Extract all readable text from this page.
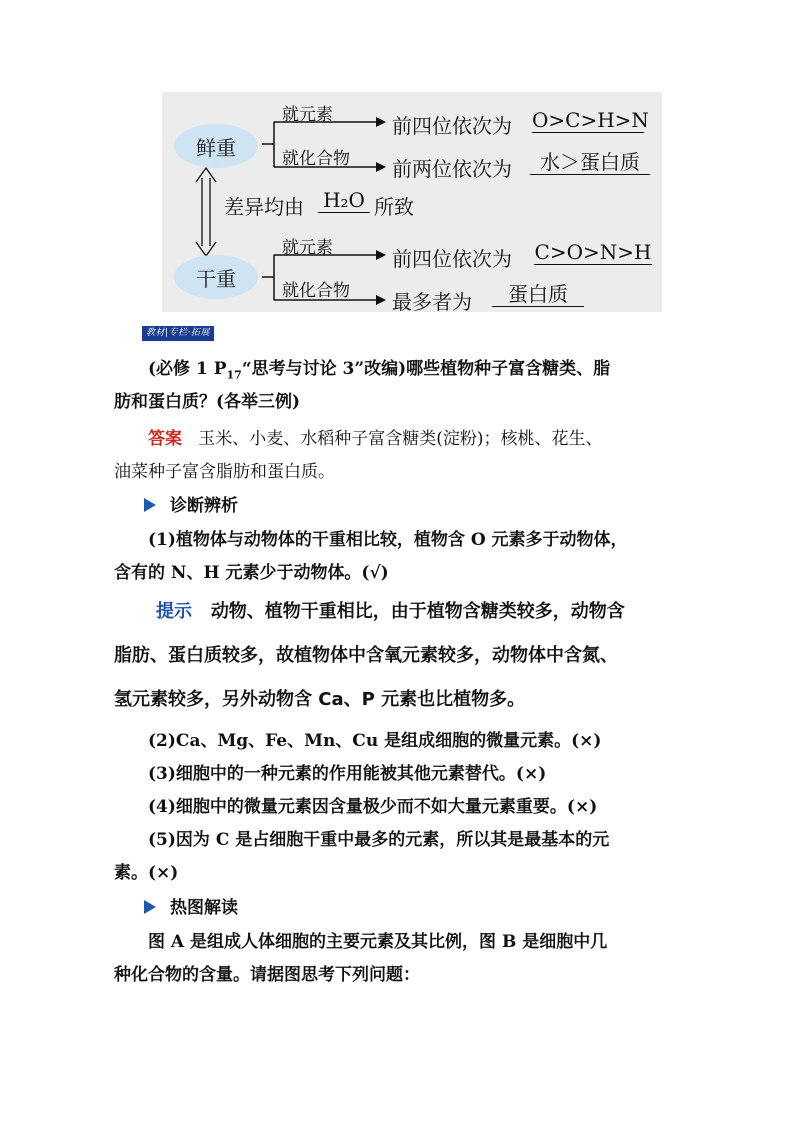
鲜重
干重
就元素
就化合物
前四位依次为 O>C>H>N
前两位依次为	水＞蛋白质
差异均由 H₂O 所致
就元素
就化合物
前四位依次为 C>O>N>H
最多者为	蛋白质
教材|专栏·拓展
(必修 1 $P_{17}“$思考与讨论 3”改编)哪些植物种子富含糖类、脂
肪和蛋白质？(各举三例)
答案 玉米、小麦、水稻种子富含糖类(淀粉)；核桃、花生、
油菜种子富含脂肪和蛋白质。
诊断辨析
(1)植物体与动物体的干重相比较，植物含 O 元素多于动物体，
含有的 N、H 元素少于动物体。(√)
提示 动物、植物干重相比，由于植物含糖类较多，动物含
脂肪、蛋白质较多，故植物体中含氧元素较多，动物体中含氮、
氢元素较多，另外动物含 Ca、P 元素也比植物多。
(2)Ca、Mg、Fe、Mn、Cu 是组成细胞的微量元素。(×)
(3)细胞中的一种元素的作用能被其他元素替代。(×)
(4)细胞中的微量元素因含量极少而不如大量元素重要。(×)
(5)因为 C 是占细胞干重中最多的元素，所以其是最基本的元
素。(×)
热图解读
图 A 是组成人体细胞的主要元素及其比例，图 B 是细胞中几
种化合物的含量。请据图思考下列问题：
